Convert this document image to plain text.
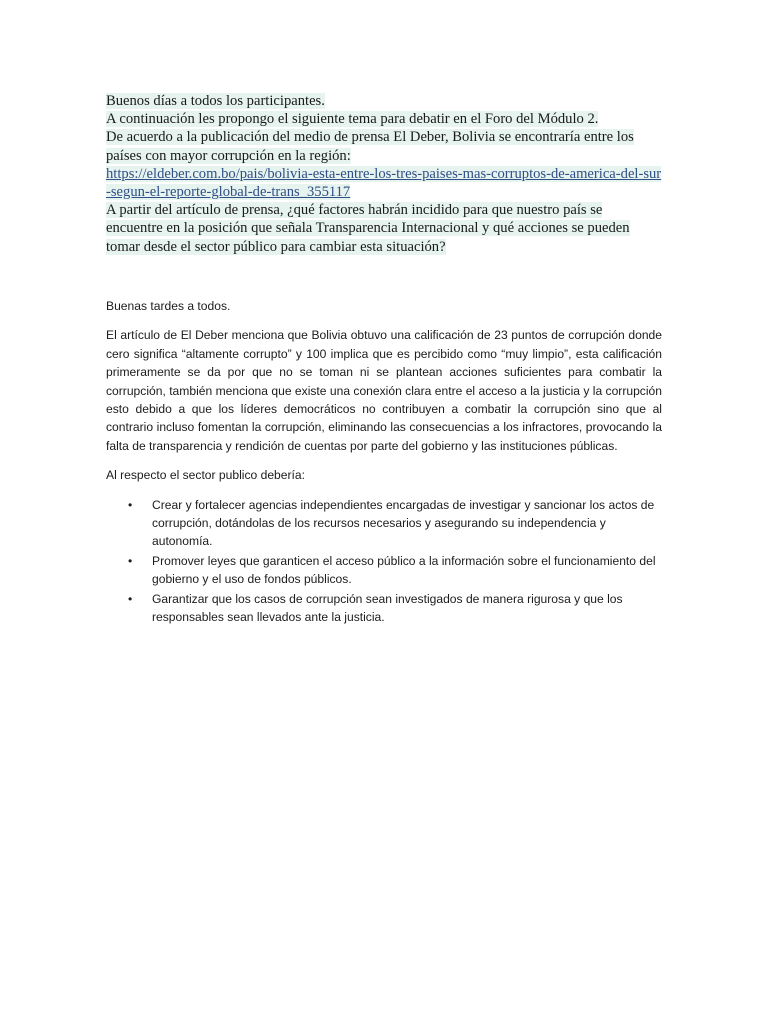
Buenos días a todos los participantes.
A continuación les propongo el siguiente tema para debatir en el Foro del Módulo 2.
De acuerdo a la publicación del medio de prensa El Deber, Bolivia se encontraría entre los países con mayor corrupción en la región:
https://eldeber.com.bo/pais/bolivia-esta-entre-los-tres-paises-mas-corruptos-de-america-del-sur-segun-el-reporte-global-de-trans_355117
A partir del artículo de prensa, ¿qué factores habrán incidido para que nuestro país se encuentre en la posición que señala Transparencia Internacional y qué acciones se pueden tomar desde el sector público para cambiar esta situación?

Buenas tardes a todos.

El artículo de El Deber menciona que Bolivia obtuvo una calificación de 23 puntos de corrupción donde cero significa “altamente corrupto” y 100 implica que es percibido como “muy limpio”, esta calificación primeramente se da por que no se toman ni se plantean acciones suficientes para combatir la corrupción, también menciona que existe una conexión clara entre el acceso a la justicia y la corrupción esto debido a que los líderes democráticos no contribuyen a combatir la corrupción sino que al contrario incluso fomentan la corrupción, eliminando las consecuencias a los infractores, provocando la falta de transparencia y rendición de cuentas por parte del gobierno y las instituciones públicas.

Al respecto el sector publico debería:

• Crear y fortalecer agencias independientes encargadas de investigar y sancionar los actos de corrupción, dotándolas de los recursos necesarios y asegurando su independencia y autonomía.
• Promover leyes que garanticen el acceso público a la información sobre el funcionamiento del gobierno y el uso de fondos públicos.
• Garantizar que los casos de corrupción sean investigados de manera rigurosa y que los responsables sean llevados ante la justicia.
